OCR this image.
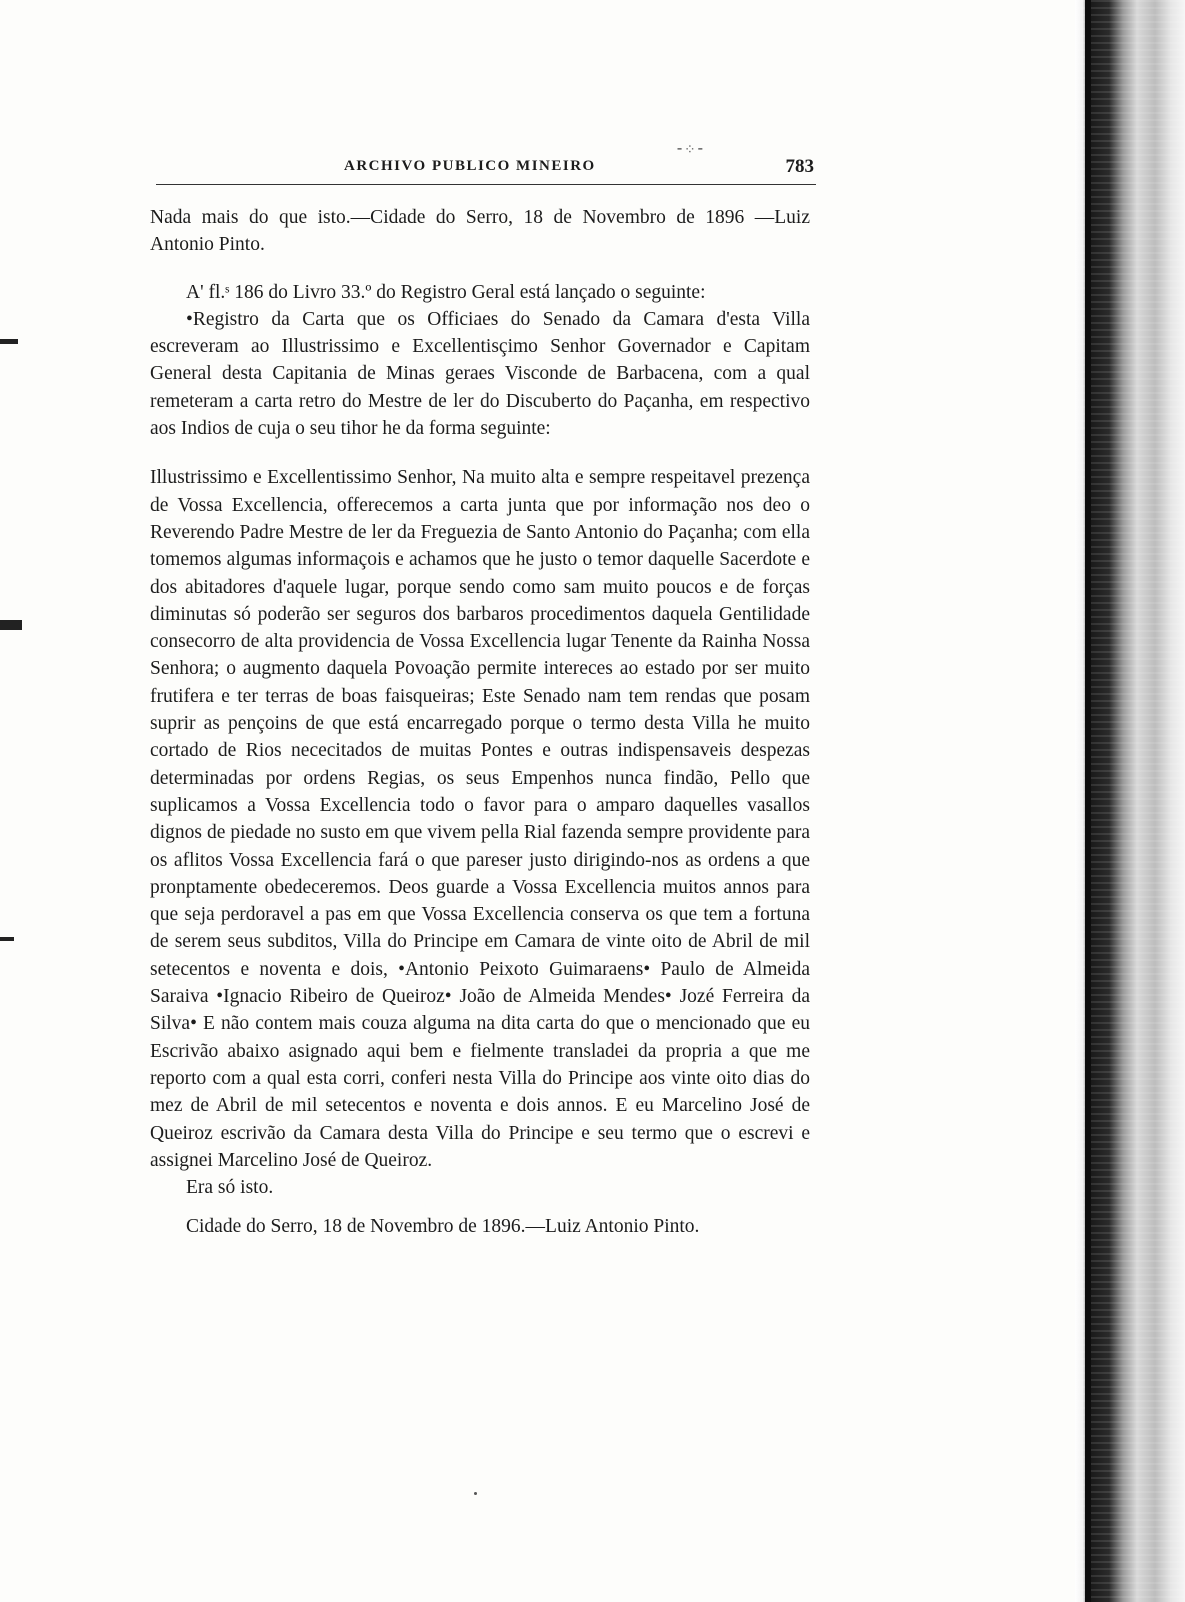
ARCHIVO PUBLICO MINEIRO
⁃⁘⁃
783

Nada mais do que isto.—Cidade do Serro, 18 de Novembro de 1896 —Luiz Antonio Pinto.

A' fl.ˢ 186 do Livro 33.º do Registro Geral está lançado o seguinte:

•Registro da Carta que os Officiaes do Senado da Camara d'esta Villa escreveram ao Illustrissimo e Excellentisçimo Senhor Governador e Capitam General desta Capitania de Minas geraes Visconde de Barbacena, com a qual remeteram a carta retro do Mestre de ler do Discuberto do Paçanha, em respectivo aos Indios de cuja o seu tihor he da forma seguinte:

Illustrissimo e Excellentissimo Senhor, Na muito alta e sempre respeitavel prezença de Vossa Excellencia, offerecemos a carta junta que por informação nos deo o Reverendo Padre Mestre de ler da Freguezia de Santo Antonio do Paçanha; com ella tomemos algumas informaçois e achamos que he justo o temor daquelle Sacerdote e dos abitadores d'aquele lugar, porque sendo como sam muito poucos e de forças diminutas só poderão ser seguros dos barbaros procedimentos daquela Gentilidade consecorro de alta providencia de Vossa Excellencia lugar Tenente da Rainha Nossa Senhora; o augmento daquela Povoação permite intereces ao estado por ser muito frutifera e ter terras de boas faisqueiras; Este Senado nam tem rendas que posam suprir as pençoins de que está encarregado porque o termo desta Villa he muito cortado de Rios nececitados de muitas Pontes e outras indispensaveis despezas determinadas por ordens Regias, os seus Empenhos nunca findão, Pello que suplicamos a Vossa Excellencia todo o favor para o amparo daquelles vasallos dignos de piedade no susto em que vivem pella Rial fazenda sempre providente para os aflitos Vossa Excellencia fará o que pareser justo dirigindo-nos as ordens a que pronptamente obedeceremos. Deos guarde a Vossa Excellencia muitos annos para que seja perdoravel a pas em que Vossa Excellencia conserva os que tem a fortuna de serem seus subditos, Villa do Principe em Camara de vinte oito de Abril de mil setecentos e noventa e dois, •Antonio Peixoto Guimaraens• Paulo de Almeida Saraiva •Ignacio Ribeiro de Queiroz• João de Almeida Mendes• Jozé Ferreira da Silva• E não contem mais couza alguma na dita carta do que o mencionado que eu Escrivão abaixo asignado aqui bem e fielmente transladei da propria a que me reporto com a qual esta corri, conferi nesta Villa do Principe aos vinte oito dias do mez de Abril de mil setecentos e noventa e dois annos. E eu Marcelino José de Queiroz escrivão da Camara desta Villa do Principe e seu termo que o escrevi e assignei Marcelino José de Queiroz.

Era só isto.

Cidade do Serro, 18 de Novembro de 1896.—Luiz Antonio Pinto.
